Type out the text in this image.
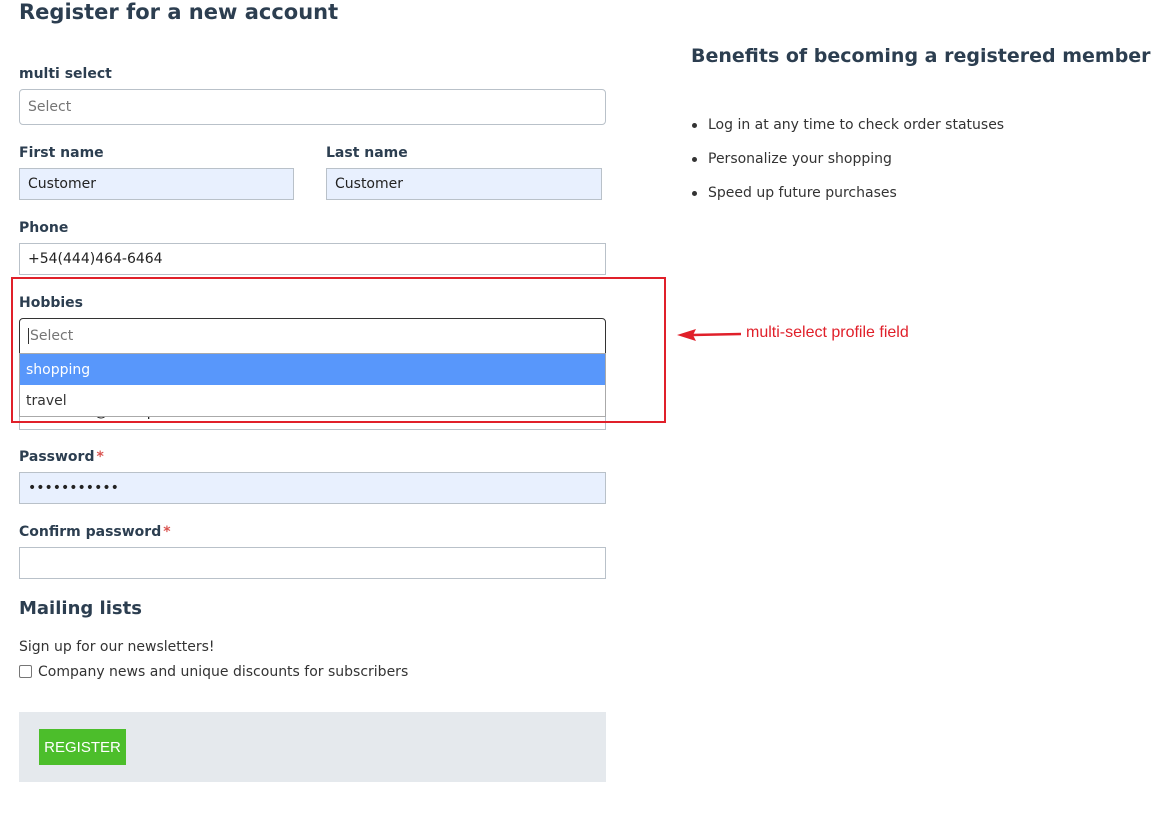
Register for a new account
multi select
Select
First name
Customer
Last name
Customer
Phone
+54(444)464-6464
Hobbies
Select
shopping
travel
multi-select profile field
Password *
•••••••••••
Confirm password *
Mailing lists
Sign up for our newsletters!
Company news and unique discounts for subscribers
REGISTER
Benefits of becoming a registered member
Log in at any time to check order statuses
Personalize your shopping
Speed up future purchases
